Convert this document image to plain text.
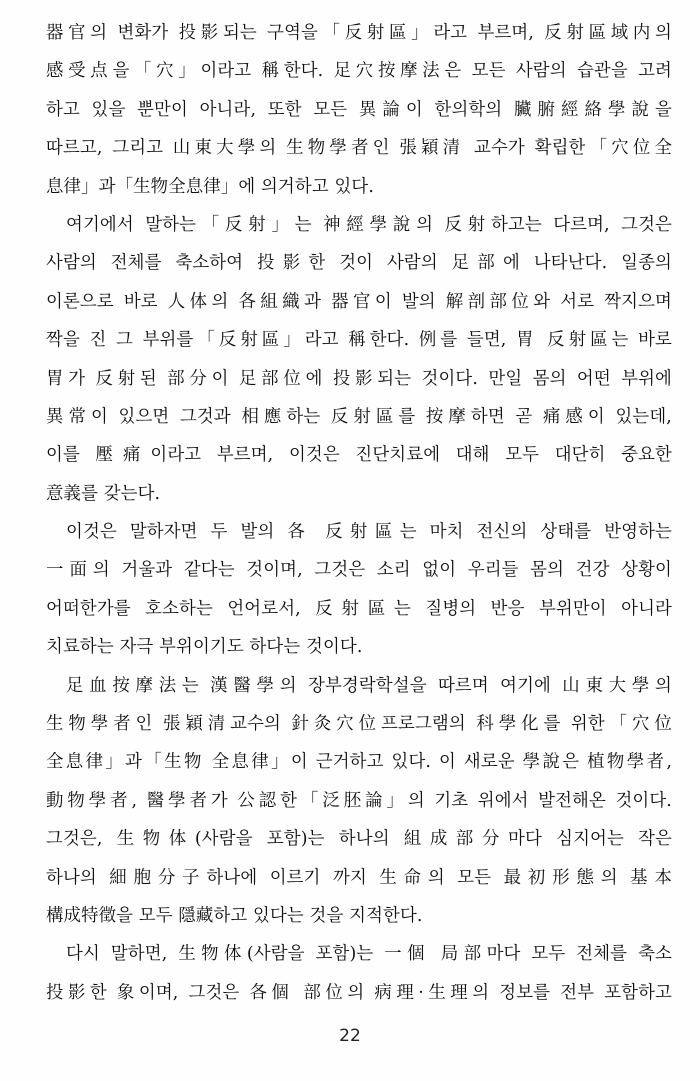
器官의 변화가 投影되는 구역을「反射區」라고 부르며, 反射區域内의
感受点을「穴」이라고 稱한다. 足穴按摩法은 모든 사람의 습관을 고려
하고 있을 뿐만이 아니라, 또한 모든 異論이 한의학의 臟腑經絡學說을
따르고, 그리고 山東大學의 生物學者인 張穎清 교수가 확립한「穴位全
息律」과「生物全息律」에 의거하고 있다.
여기에서 말하는「反射」는 神經學說의 反射하고는 다르며, 그것은
사람의 전체를 축소하여 投影한 것이 사람의 足部에 나타난다. 일종의
이론으로 바로 人体의 各組織과 器官이 발의 解剖部位와 서로 짝지으며
짝을 진 그 부위를「反射區」라고 稱한다. 例를 들면, 胃 反射區는 바로
胃가 反射된 部分이 足部位에 投影되는 것이다. 만일 몸의 어떤 부위에
異常이 있으면 그것과 相應하는 反射區를 按摩하면 곧 痛感이 있는데,
이를 壓痛이라고 부르며, 이것은 진단치료에 대해 모두 대단히 중요한
意義를 갖는다.
이것은 말하자면 두 발의 各 反射區는 마치 전신의 상태를 반영하는
一面의 거울과 같다는 것이며, 그것은 소리 없이 우리들 몸의 건강 상황이
어떠한가를 호소하는 언어로서, 反射區는 질병의 반응 부위만이 아니라
치료하는 자극 부위이기도 하다는 것이다.
足血按摩法는 漢醫學의 장부경락학설을 따르며 여기에 山東大學의
生物學者인 張穎清교수의 針灸穴位프로그램의 科學化를 위한「穴位
全息律」과「生物 全息律」이 근거하고 있다. 이 새로운 學說은 植物學者,
動物學者, 醫學者가 公認한「泛胚論」의 기초 위에서 발전해온 것이다.
그것은, 生物体(사람을 포함)는 하나의 組成部分마다 심지어는 작은
하나의 細胞分子하나에 이르기 까지 生命의 모든 最初形態의 基本
構成特徵을 모두 隱藏하고 있다는 것을 지적한다.
다시 말하면, 生物体(사람을 포함)는 一個 局部마다 모두 전체를 축소
投影한 象이며, 그것은 各個 部位의 病理·生理의 정보를 전부 포함하고
22
